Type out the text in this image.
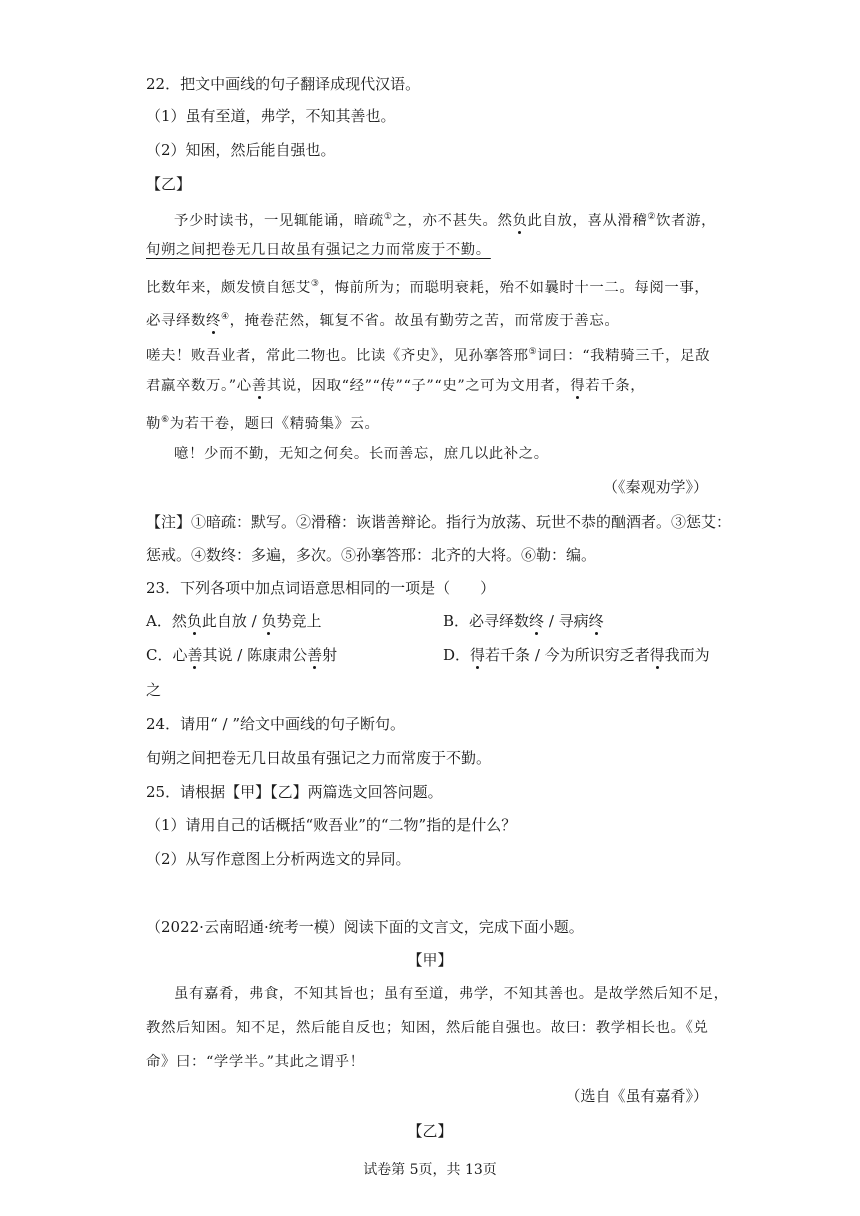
22．把文中画线的句子翻译成现代汉语。
（1）虽有至道，弗学，不知其善也。
（2）知困，然后能自强也。
【乙】
予少时读书，一见辄能诵，暗疏①之，亦不甚失。然负此自放，喜从滑稽②饮者游，
旬朔之间把卷无几日故虽有强记之力而常废于不勤。
比数年来，颇发愤自惩艾③，悔前所为；而聪明衰耗，殆不如曩时十一二。每阅一事，
必寻绎数终④，掩卷茫然，辄复不省。故虽有勤劳之苦，而常废于善忘。
嗟夫！败吾业者，常此二物也。比读《齐史》，见孙搴答邢⑤词曰：“我精骑三千，足敌
君羸卒数万。”心善其说，因取“经”“传”“子”“史”之可为文用者，得若千条，
勒⑥为若干卷，题曰《精骑集》云。
噫！少而不勤，无知之何矣。长而善忘，庶几以此补之。
（《秦观劝学》）
【注】①暗疏：默写。②滑稽：诙谐善辩论。指行为放荡、玩世不恭的酗酒者。③惩艾：
惩戒。④数终：多遍，多次。⑤孙搴答邢：北齐的大将。⑥勒：编。
23．下列各项中加点词语意思相同的一项是（　　）
A．然负此自放 / 负势竞上	B．必寻绎数终 / 寻病终
C．心善其说 / 陈康肃公善射	D．得若千条 / 今为所识穷乏者得我而为
之
24．请用“ / ”给文中画线的句子断句。
旬朔之间把卷无几日故虽有强记之力而常废于不勤。
25．请根据【甲】【乙】两篇选文回答问题。
（1）请用自己的话概括“败吾业”的“二物”指的是什么？
（2）从写作意图上分析两选文的异同。
（2022·云南昭通·统考一模）阅读下面的文言文，完成下面小题。
【甲】
虽有嘉肴，弗食，不知其旨也；虽有至道，弗学，不知其善也。是故学然后知不足，
教然后知困。知不足，然后能自反也；知困，然后能自强也。故曰：教学相长也。《兑
命》曰：“学学半。”其此之谓乎！
（选自《虽有嘉肴》）
【乙】
试卷第 5页，共 13页
